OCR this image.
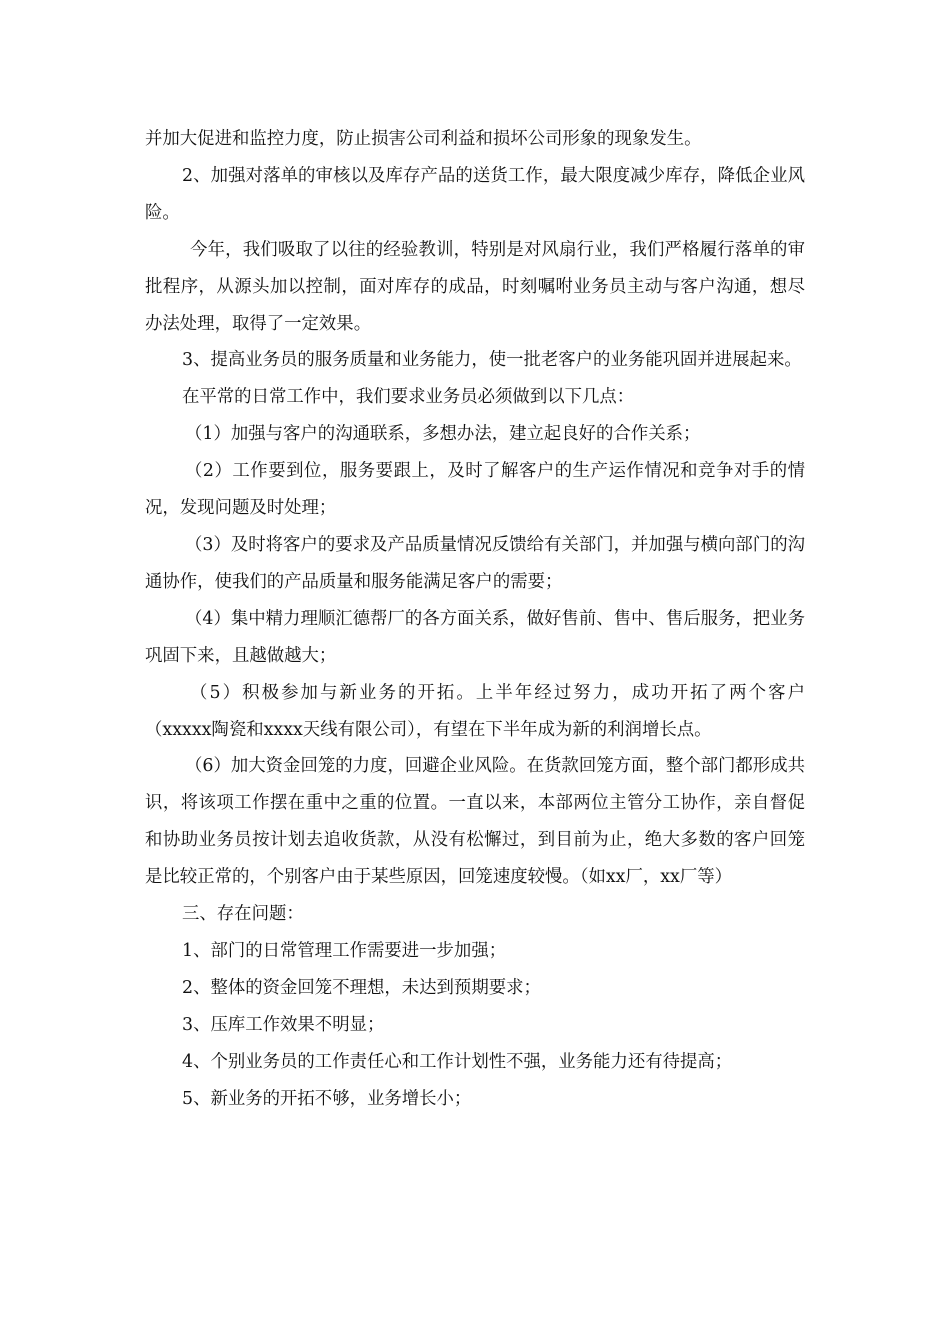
并加大促进和监控力度，防止损害公司利益和损坏公司形象的现象发生。

2、加强对落单的审核以及库存产品的送货工作，最大限度减少库存，降低企业风险。

今年，我们吸取了以往的经验教训，特别是对风扇行业，我们严格履行落单的审批程序，从源头加以控制，面对库存的成品，时刻嘱咐业务员主动与客户沟通，想尽办法处理，取得了一定效果。

3、提高业务员的服务质量和业务能力，使一批老客户的业务能巩固并进展起来。

在平常的日常工作中，我们要求业务员必须做到以下几点：

（1）加强与客户的沟通联系，多想办法，建立起良好的合作关系；

（2）工作要到位，服务要跟上，及时了解客户的生产运作情况和竞争对手的情况，发现问题及时处理；

（3）及时将客户的要求及产品质量情况反馈给有关部门，并加强与横向部门的沟通协作，使我们的产品质量和服务能满足客户的需要；

（4）集中精力理顺汇德帮厂的各方面关系，做好售前、售中、售后服务，把业务巩固下来，且越做越大；

（5）积极参加与新业务的开拓。上半年经过努力，成功开拓了两个客户（xxxxx陶瓷和xxxx天线有限公司），有望在下半年成为新的利润增长点。

（6）加大资金回笼的力度，回避企业风险。在货款回笼方面，整个部门都形成共识，将该项工作摆在重中之重的位置。一直以来，本部两位主管分工协作，亲自督促和协助业务员按计划去追收货款，从没有松懈过，到目前为止，绝大多数的客户回笼是比较正常的，个别客户由于某些原因，回笼速度较慢。（如xx厂，xx厂等）

三、存在问题：

1、部门的日常管理工作需要进一步加强；

2、整体的资金回笼不理想，未达到预期要求；

3、压库工作效果不明显；

4、个别业务员的工作责任心和工作计划性不强，业务能力还有待提高；

5、新业务的开拓不够，业务增长小；
